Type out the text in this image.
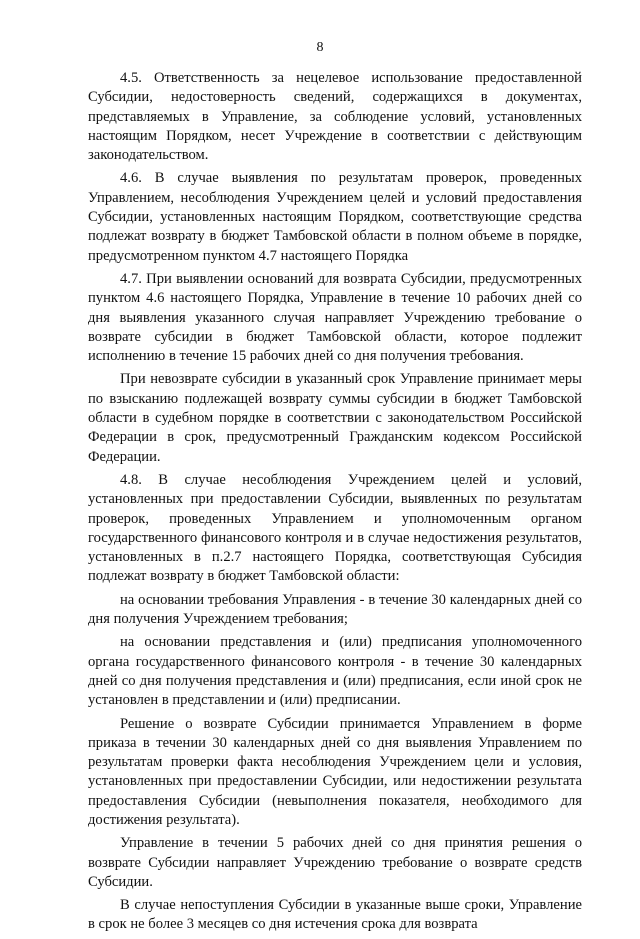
8

4.5. Ответственность за нецелевое использование предоставленной Субсидии, недостоверность сведений, содержащихся в документах, представляемых в Управление, за соблюдение условий, установленных настоящим Порядком, несет Учреждение в соответствии с действующим законодательством.

4.6. В случае выявления по результатам проверок, проведенных Управлением, несоблюдения Учреждением целей и условий предоставления Субсидии, установленных настоящим Порядком, соответствующие средства подлежат возврату в бюджет Тамбовской области в полном объеме в порядке, предусмотренном пунктом 4.7 настоящего Порядка

4.7. При выявлении оснований для возврата Субсидии, предусмотренных пунктом 4.6 настоящего Порядка, Управление в течение 10 рабочих дней со дня выявления указанного случая направляет Учреждению требование о возврате субсидии в бюджет Тамбовской области, которое подлежит исполнению в течение 15 рабочих дней со дня получения требования.

При невозврате субсидии в указанный срок Управление принимает меры по взысканию подлежащей возврату суммы субсидии в бюджет Тамбовской области в судебном порядке в соответствии с законодательством Российской Федерации в срок, предусмотренный Гражданским кодексом Российской Федерации.

4.8. В случае несоблюдения Учреждением целей и условий, установленных при предоставлении Субсидии, выявленных по результатам проверок, проведенных Управлением и уполномоченным органом государственного финансового контроля и в случае недостижения результатов, установленных в п.2.7 настоящего Порядка, соответствующая Субсидия подлежат возврату в бюджет Тамбовской области:

на основании требования Управления - в течение 30 календарных дней со дня получения Учреждением требования;

на основании представления и (или) предписания уполномоченного органа государственного финансового контроля - в течение 30 календарных дней со дня получения представления и (или) предписания, если иной срок не установлен в представлении и (или) предписании.

Решение о возврате Субсидии принимается Управлением в форме приказа в течении 30 календарных дней со дня выявления Управлением по результатам проверки факта несоблюдения Учреждением цели и условия, установленных при предоставлении Субсидии, или недостижении результата предоставления Субсидии (невыполнения показателя, необходимого для достижения результата).

Управление в течении 5 рабочих дней со дня принятия решения о возврате Субсидии направляет Учреждению требование о возврате средств Субсидии.

В случае непоступления Субсидии в указанные выше сроки, Управление в срок не более 3 месяцев со дня истечения срока для возврата
